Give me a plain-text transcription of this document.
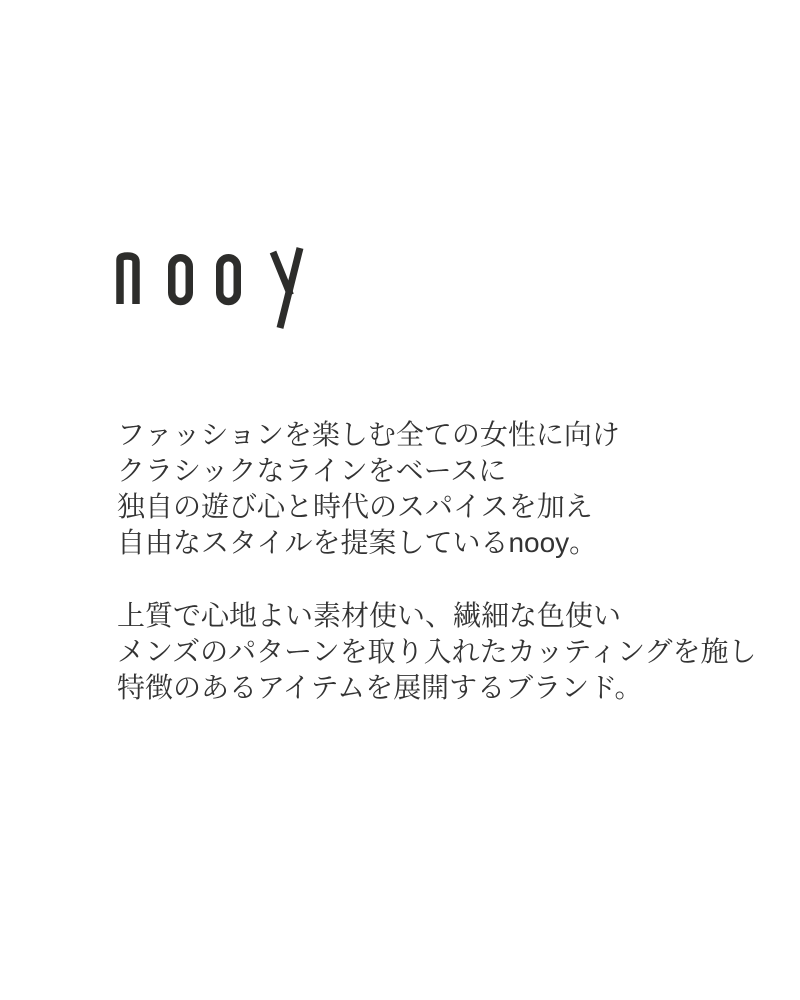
ファッションを楽しむ全ての女性に向け
クラシックなラインをベースに
独自の遊び心と時代のスパイスを加え
自由なスタイルを提案しているnooy。
上質で心地よい素材使い、繊細な色使い
メンズのパターンを取り入れたカッティングを施し
特徴のあるアイテムを展開するブランド。
